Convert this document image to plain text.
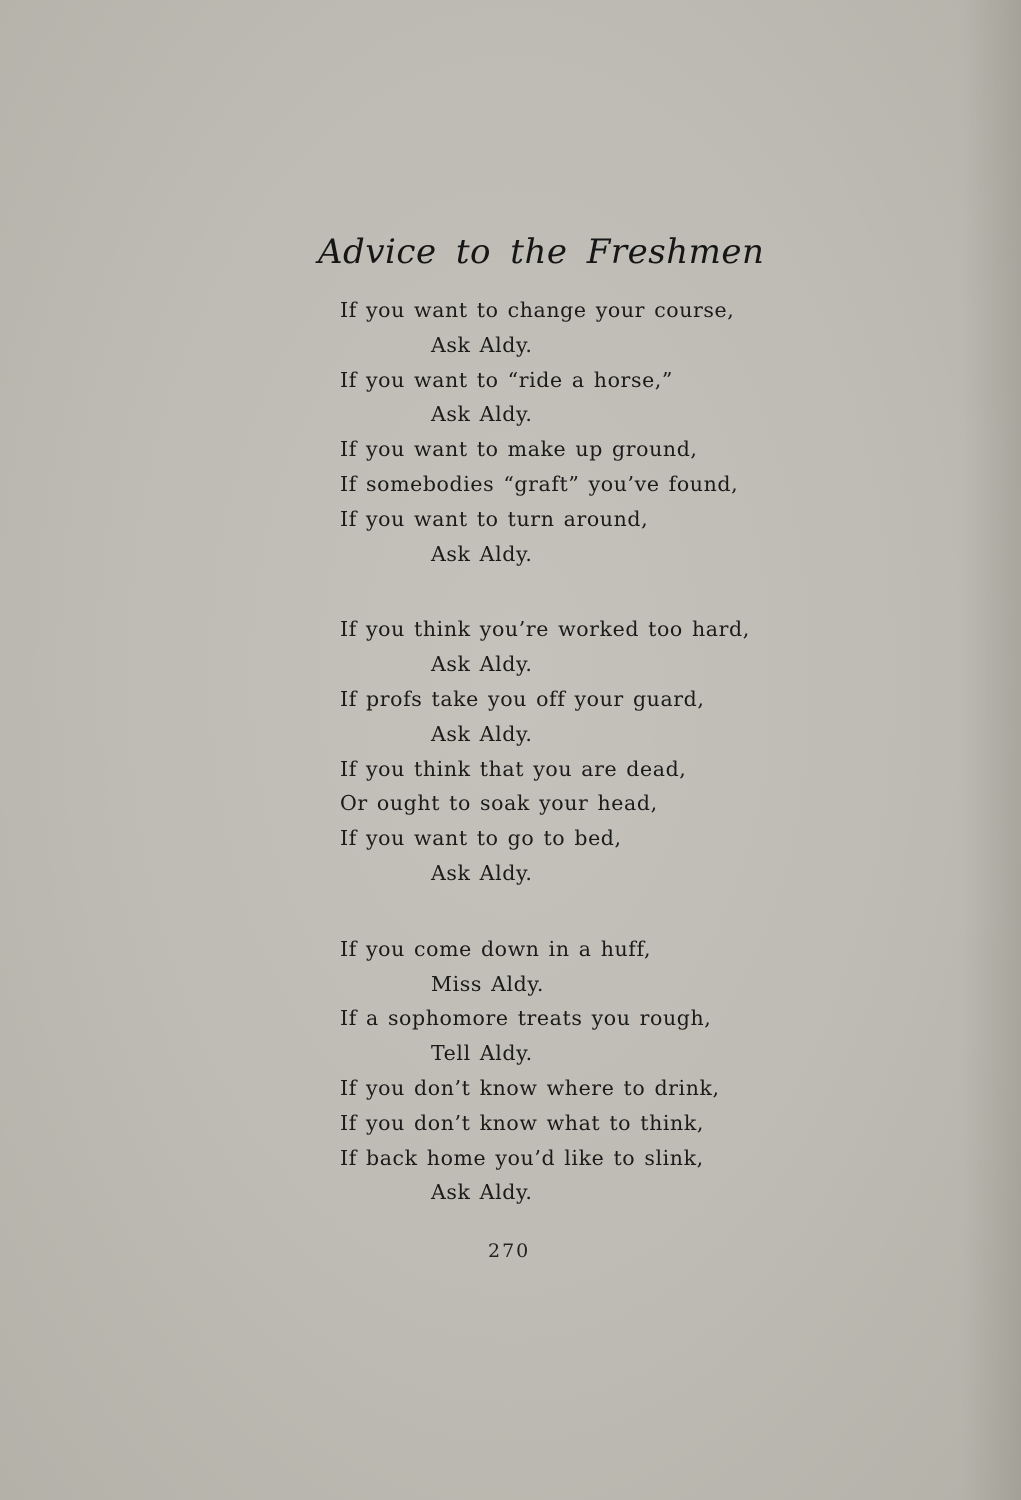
Advice to the Freshmen
If you want to change your course,
Ask Aldy.
If you want to “ride a horse,”
Ask Aldy.
If you want to make up ground,
If somebodies “graft” you’ve found,
If you want to turn around,
Ask Aldy.
If you think you’re worked too hard,
Ask Aldy.
If profs take you off your guard,
Ask Aldy.
If you think that you are dead,
Or ought to soak your head,
If you want to go to bed,
Ask Aldy.
If you come down in a huff,
Miss Aldy.
If a sophomore treats you rough,
Tell Aldy.
If you don’t know where to drink,
If you don’t know what to think,
If back home you’d like to slink,
Ask Aldy.
270
